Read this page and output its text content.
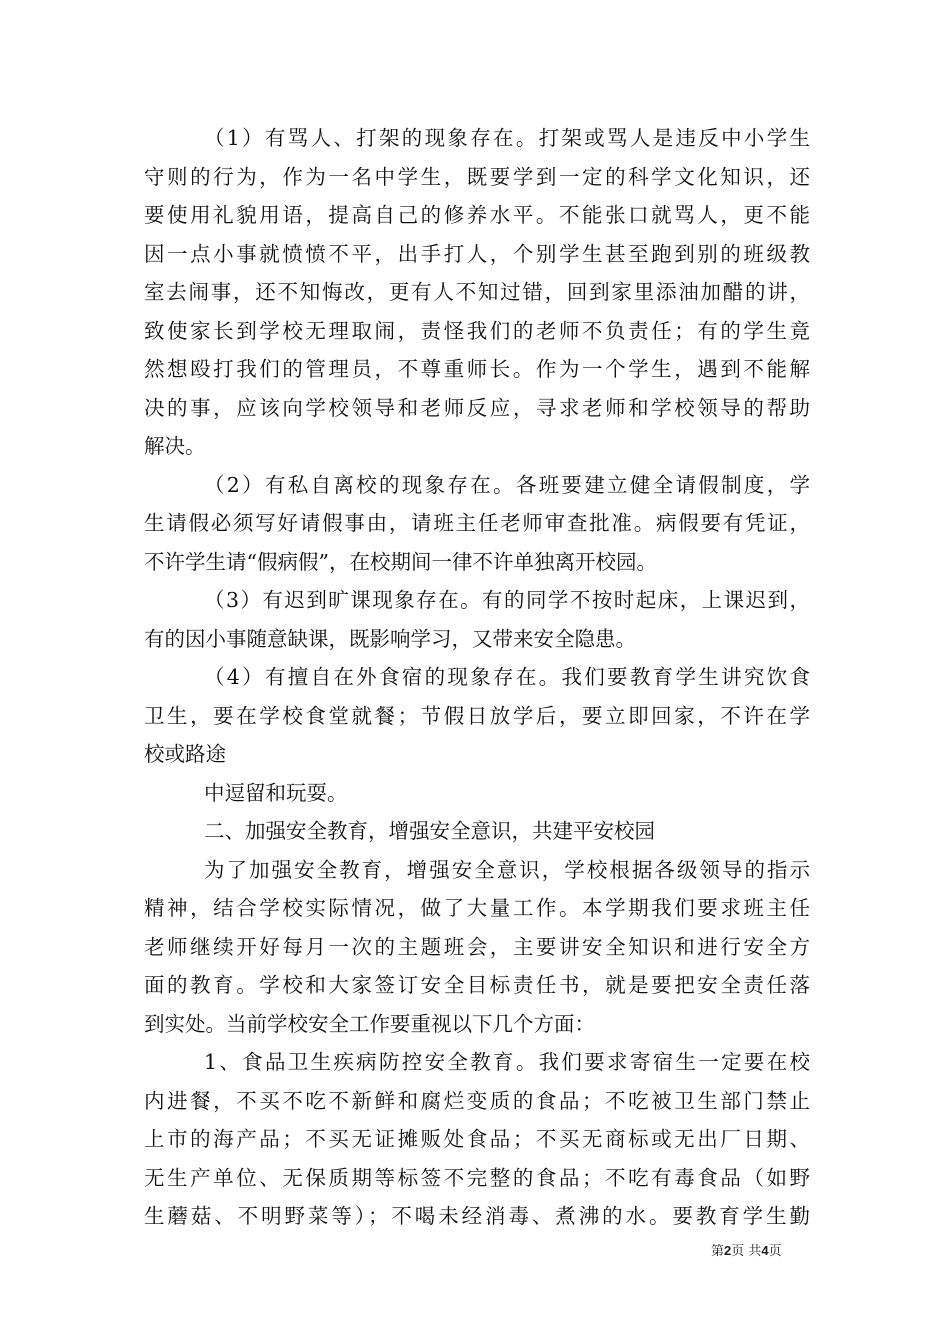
（1）有骂人、打架的现象存在。打架或骂人是违反中小学生
守则的行为，作为一名中学生，既要学到一定的科学文化知识，还
要使用礼貌用语，提高自己的修养水平。不能张口就骂人，更不能
因一点小事就愤愤不平，出手打人，个别学生甚至跑到别的班级教
室去闹事，还不知悔改，更有人不知过错，回到家里添油加醋的讲，
致使家长到学校无理取闹，责怪我们的老师不负责任；有的学生竟
然想殴打我们的管理员，不尊重师长。作为一个学生，遇到不能解
决的事，应该向学校领导和老师反应，寻求老师和学校领导的帮助
解决。
（2）有私自离校的现象存在。各班要建立健全请假制度，学
生请假必须写好请假事由，请班主任老师审查批准。病假要有凭证，
不许学生请“假病假”，在校期间一律不许单独离开校园。
（3）有迟到旷课现象存在。有的同学不按时起床，上课迟到，
有的因小事随意缺课，既影响学习，又带来安全隐患。
（4）有擅自在外食宿的现象存在。我们要教育学生讲究饮食
卫生，要在学校食堂就餐；节假日放学后，要立即回家，不许在学
校或路途
中逗留和玩耍。
二、加强安全教育，增强安全意识，共建平安校园
为了加强安全教育，增强安全意识，学校根据各级领导的指示
精神，结合学校实际情况，做了大量工作。本学期我们要求班主任
老师继续开好每月一次的主题班会，主要讲安全知识和进行安全方
面的教育。学校和大家签订安全目标责任书，就是要把安全责任落
到实处。当前学校安全工作要重视以下几个方面：
1、食品卫生疾病防控安全教育。我们要求寄宿生一定要在校
内进餐，不买不吃不新鲜和腐烂变质的食品；不吃被卫生部门禁止
上市的海产品；不买无证摊贩处食品；不买无商标或无出厂日期、
无生产单位、无保质期等标签不完整的食品；不吃有毒食品（如野
生蘑菇、不明野菜等）；不喝未经消毒、煮沸的水。要教育学生勤
第2页 共4页
